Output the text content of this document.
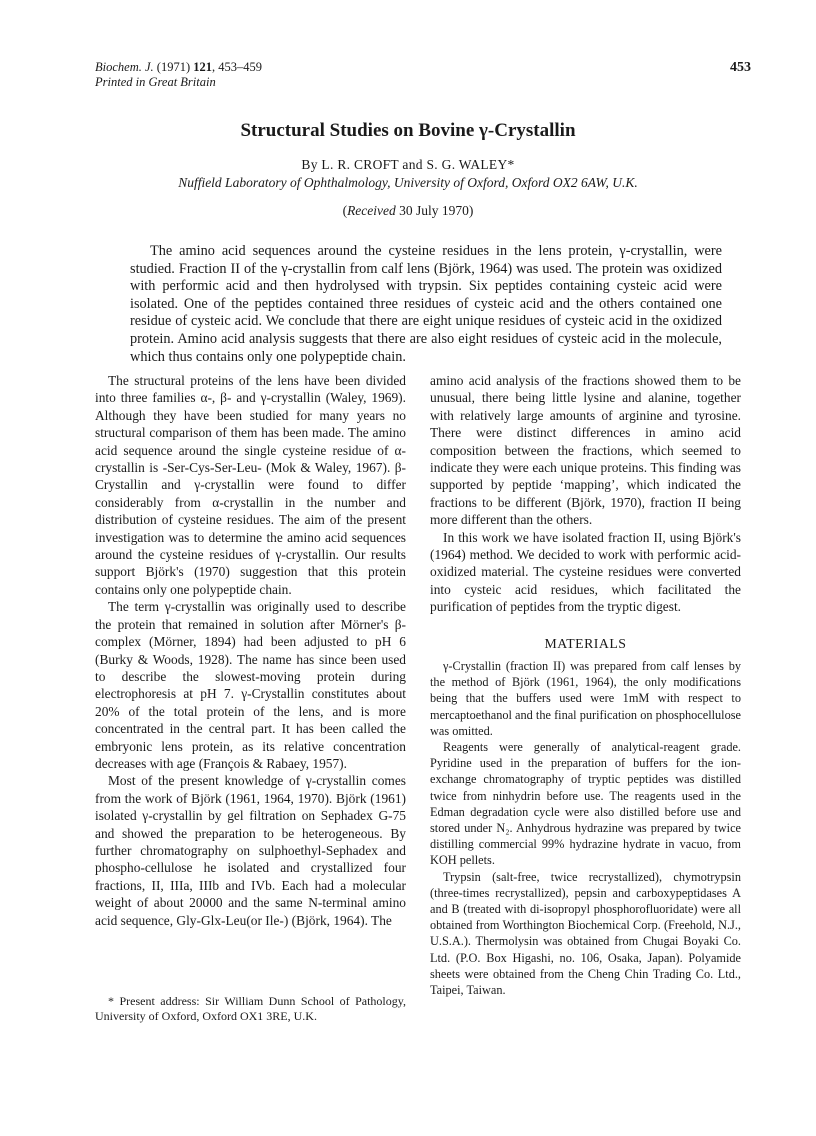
Biochem. J. (1971) 121, 453–459
Printed in Great Britain
453
Structural Studies on Bovine γ-Crystallin
By L. R. CROFT and S. G. WALEY*
Nuffield Laboratory of Ophthalmology, University of Oxford, Oxford OX2 6AW, U.K.
(Received 30 July 1970)

The amino acid sequences around the cysteine residues in the lens protein, γ-crystallin, were studied. Fraction II of the γ-crystallin from calf lens (Björk, 1964) was used. The protein was oxidized with performic acid and then hydrolysed with trypsin. Six peptides containing cysteic acid were isolated. One of the peptides contained three residues of cysteic acid and the others contained one residue of cysteic acid. We conclude that there are eight unique residues of cysteic acid in the oxidized protein. Amino acid analysis suggests that there are also eight residues of cysteic acid in the molecule, which thus contains only one polypeptide chain.

The structural proteins of the lens have been divided into three families α-, β- and γ-crystallin (Waley, 1969). Although they have been studied for many years no structural comparison of them has been made. The amino acid sequence around the single cysteine residue of α-crystallin is -Ser-Cys-Ser-Leu- (Mok & Waley, 1967). β-Crystallin and γ-crystallin were found to differ considerably from α-crystallin in the number and distribution of cysteine residues. The aim of the present investigation was to determine the amino acid sequences around the cysteine residues of γ-crystallin. Our results support Björk's (1970) suggestion that this protein contains only one polypeptide chain.

The term γ-crystallin was originally used to describe the protein that remained in solution after Mörner's β-complex (Mörner, 1894) had been adjusted to pH 6 (Burky & Woods, 1928). The name has since been used to describe the slowest-moving protein during electrophoresis at pH 7. γ-Crystallin constitutes about 20% of the total protein of the lens, and is more concentrated in the central part. It has been called the embryonic lens protein, as its relative concentration decreases with age (François & Rabaey, 1957).

Most of the present knowledge of γ-crystallin comes from the work of Björk (1961, 1964, 1970). Björk (1961) isolated γ-crystallin by gel filtration on Sephadex G-75 and showed the preparation to be heterogeneous. By further chromatography on sulphoethyl-Sephadex and phospho-cellulose he isolated and crystallized four fractions, II, IIIa, IIIb and IVb. Each had a molecular weight of about 20000 and the same N-terminal amino acid sequence, Gly-Glx-Leu(or Ile-) (Björk, 1964). The

* Present address: Sir William Dunn School of Pathology, University of Oxford, Oxford OX1 3RE, U.K.

amino acid analysis of the fractions showed them to be unusual, there being little lysine and alanine, together with relatively large amounts of arginine and tyrosine. There were distinct differences in amino acid composition between the fractions, which seemed to indicate they were each unique proteins. This finding was supported by peptide ‘mapping’, which indicated the fractions to be different (Björk, 1970), fraction II being more different than the others.

In this work we have isolated fraction II, using Björk's (1964) method. We decided to work with performic acid-oxidized material. The cysteine residues were converted into cysteic acid residues, which facilitated the purification of peptides from the tryptic digest.

MATERIALS

γ-Crystallin (fraction II) was prepared from calf lenses by the method of Björk (1961, 1964), the only modifications being that the buffers used were 1mM with respect to mercaptoethanol and the final purification on phosphocellulose was omitted.

Reagents were generally of analytical-reagent grade. Pyridine used in the preparation of buffers for the ion-exchange chromatography of tryptic peptides was distilled twice from ninhydrin before use. The reagents used in the Edman degradation cycle were also distilled before use and stored under N₂. Anhydrous hydrazine was prepared by twice distilling commercial 99% hydrazine hydrate in vacuo, from KOH pellets.

Trypsin (salt-free, twice recrystallized), chymotrypsin (three-times recrystallized), pepsin and carboxypeptidases A and B (treated with di-isopropyl phosphorofluoridate) were all obtained from Worthington Biochemical Corp. (Freehold, N.J., U.S.A.). Thermolysin was obtained from Chugai Boyaki Co. Ltd. (P.O. Box Higashi, no. 106, Osaka, Japan). Polyamide sheets were obtained from the Cheng Chin Trading Co. Ltd., Taipei, Taiwan.
